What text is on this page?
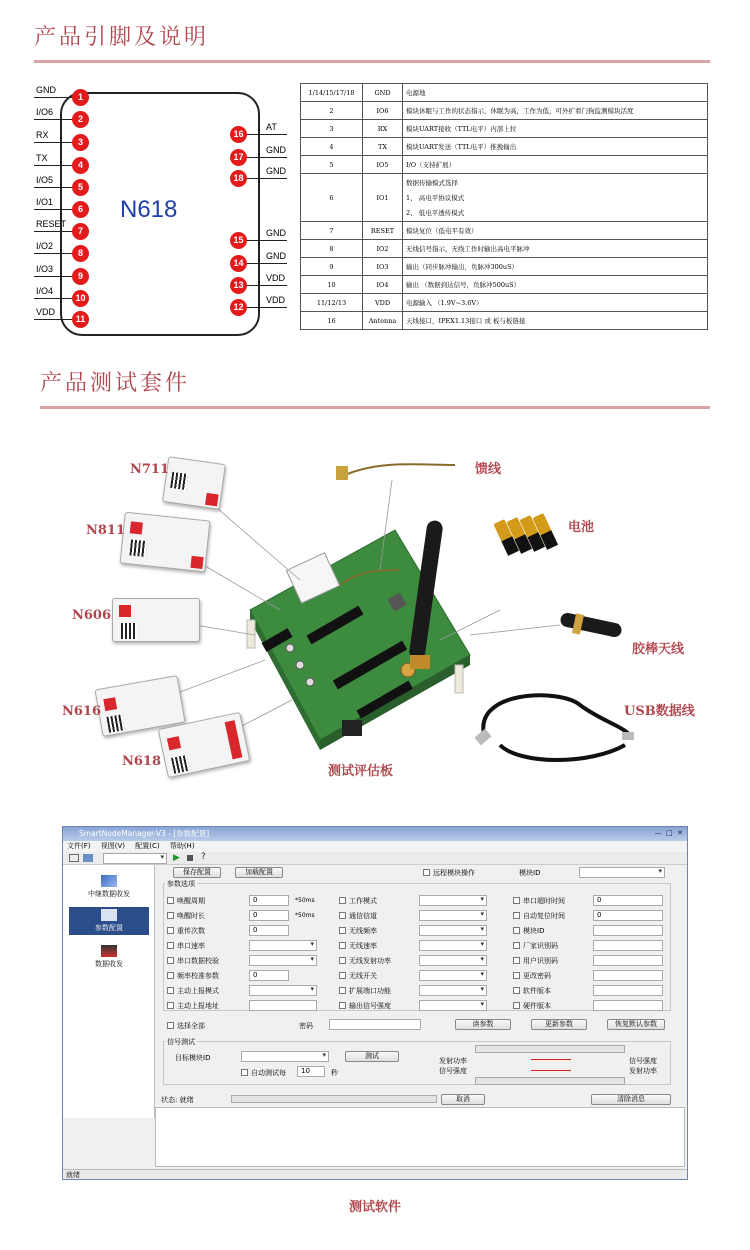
产品引脚及说明
N618
GND
1
I/O6
2
RX
3
TX
4
I/O5
5
I/O1
6
RESET
7
I/O2
8
I/O3
9
I/O4
10
VDD
11
16
AT
17
GND
18
GND
15
GND
14
GND
13
VDD
12
VDD
1/14/15/17/18	GND	电源地

2	IO6	模块休眠与工作的状态指示，休眠为高，工作为低，可外扩看门狗监测模块活度

3	RX	模块UART接收（TTL电平）内部上拉

4	TX	模块UART发送（TTL电平）推挽输出

5	IO5	I/O（支持扩展）

6	IO1	数据传输模式选择
1、 高电平协议模式
2、 低电平透传模式

7	RESET	模块复位（低电平有效）

8	IO2	无线信号指示，无线工作时输出高电平脉冲

9	IO3	输出（同步脉冲输出，负脉冲300uS）

10	IO4	输出 （数据到达信号，负脉冲500uS）

11/12/13	VDD	电源输入 （1.9V~3.6V）

16	Antenna	天线接口，IPEX1.13接口 或 板与板链接
产品测试套件
N711
N811
N606
N616
N618
馈线
电池
胶棒天线
USB数据线
测试评估板
SmartNodeManager-V3 - [参数配置]	—  □  ✕
文件(F) 视图(V) 配置(C) 帮助(H)
▾
▶ ?
中继数据收发
参数配置
数据收发
保存配置	加载配置	远程模块操作	模块ID
▾
参数选项
唤醒周期	0	*50ms
唤醒时长	0	*50ms
重传次数	0
串口速率
▾
串口数据校验
▾
频率校准参数	0
主动上报模式
▾
主动上报地址
工作模式
▾
通信信道
▾
无线频率
▾
无线速率
▾
无线发射功率
▾
无线开关
▾
扩展端口功能
▾
输出信号强度
▾
串口超时时间	0
自动复位时间	0
模块ID
厂家识别码
用户识别码
更改密码
软件版本
硬件版本
选择全部	密码	读参数	更新参数	恢复默认参数
信号测试
目标模块ID ▾	测试
自动测试每	10	秒
发射功率
信号强度
信号强度
发射功率
状态: 就绪	取消	清除消息
就绪
测试软件
